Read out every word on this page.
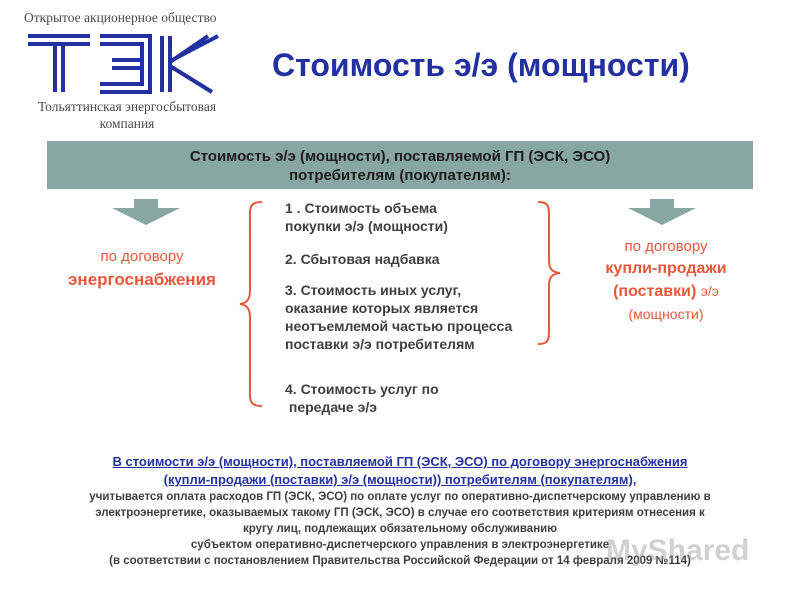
Открытое акционерное общество
Тольяттинская энергосбытовая
компания
Стоимость э/э (мощности)
Стоимость э/э (мощности), поставляемой ГП (ЭСК, ЭСО)
потребителям (покупателям):
по договору
энергоснабжения
по договору
купли-продажи
(поставки) э/э
(мощности)
1 . Стоимость объема
покупки э/э (мощности)
2. Сбытовая надбавка
3. Стоимость иных услуг,
оказание которых является
неотъемлемой частью процесса
поставки э/э потребителям
4. Стоимость услуг по
передаче э/э
В стоимости э/э (мощности), поставляемой ГП (ЭСК, ЭСО) по договору энергоснабжения
(купли-продажи (поставки) э/э (мощности)) потребителям (покупателям),
учитывается оплата расходов ГП (ЭСК, ЭСО) по оплате услуг по оперативно-диспетчерскому управлению в
электроэнергетике, оказываемых такому ГП (ЭСК, ЭСО) в случае его соответствия критериям отнесения к
кругу лиц, подлежащих обязательному обслуживанию
субъектом оперативно-диспетчерского управления в электроэнергетике
(в соответствии с постановлением Правительства Российской Федерации от 14 февраля 2009 №114)
MyShared
